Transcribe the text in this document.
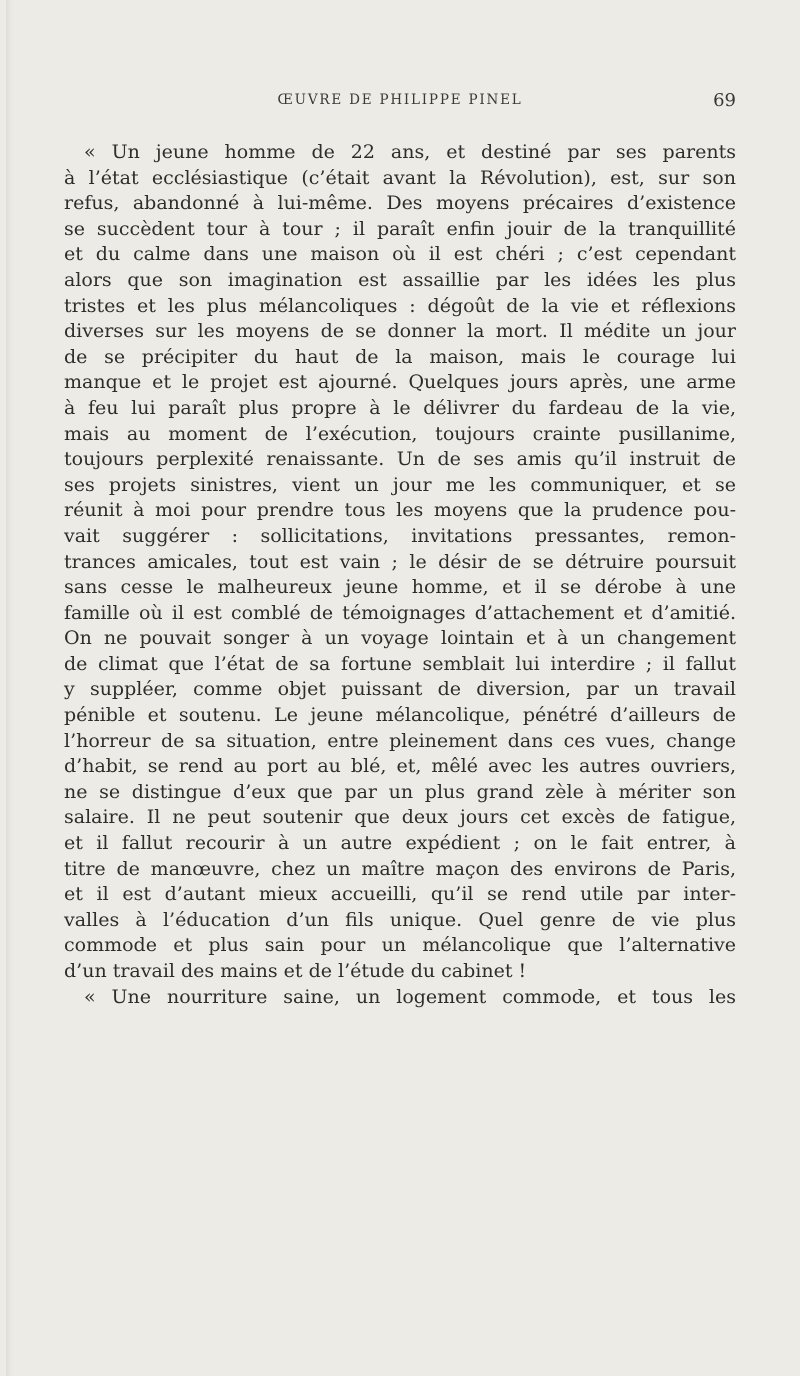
ŒUVRE DE PHILIPPE PINEL	69
« Un jeune homme de 22 ans, et destiné par ses parents
à l’état ecclésiastique (c’était avant la Révolution), est, sur son
refus, abandonné à lui-même. Des moyens précaires d’existence
se succèdent tour à tour ; il paraît enfin jouir de la tranquillité
et du calme dans une maison où il est chéri ; c’est cependant
alors que son imagination est assaillie par les idées les plus
tristes et les plus mélancoliques : dégoût de la vie et réflexions
diverses sur les moyens de se donner la mort. Il médite un jour
de se précipiter du haut de la maison, mais le courage lui
manque et le projet est ajourné. Quelques jours après, une arme
à feu lui paraît plus propre à le délivrer du fardeau de la vie,
mais au moment de l’exécution, toujours crainte pusillanime,
toujours perplexité renaissante. Un de ses amis qu’il instruit de
ses projets sinistres, vient un jour me les communiquer, et se
réunit à moi pour prendre tous les moyens que la prudence pou-
vait suggérer : sollicitations, invitations pressantes, remon-
trances amicales, tout est vain ; le désir de se détruire poursuit
sans cesse le malheureux jeune homme, et il se dérobe à une
famille où il est comblé de témoignages d’attachement et d’amitié.
On ne pouvait songer à un voyage lointain et à un changement
de climat que l’état de sa fortune semblait lui interdire ; il fallut
y suppléer, comme objet puissant de diversion, par un travail
pénible et soutenu. Le jeune mélancolique, pénétré d’ailleurs de
l’horreur de sa situation, entre pleinement dans ces vues, change
d’habit, se rend au port au blé, et, mêlé avec les autres ouvriers,
ne se distingue d’eux que par un plus grand zèle à mériter son
salaire. Il ne peut soutenir que deux jours cet excès de fatigue,
et il fallut recourir à un autre expédient ; on le fait entrer, à
titre de manœuvre, chez un maître maçon des environs de Paris,
et il est d’autant mieux accueilli, qu’il se rend utile par inter-
valles à l’éducation d’un fils unique. Quel genre de vie plus
commode et plus sain pour un mélancolique que l’alternative
d’un travail des mains et de l’étude du cabinet !
« Une nourriture saine, un logement commode, et tous les
